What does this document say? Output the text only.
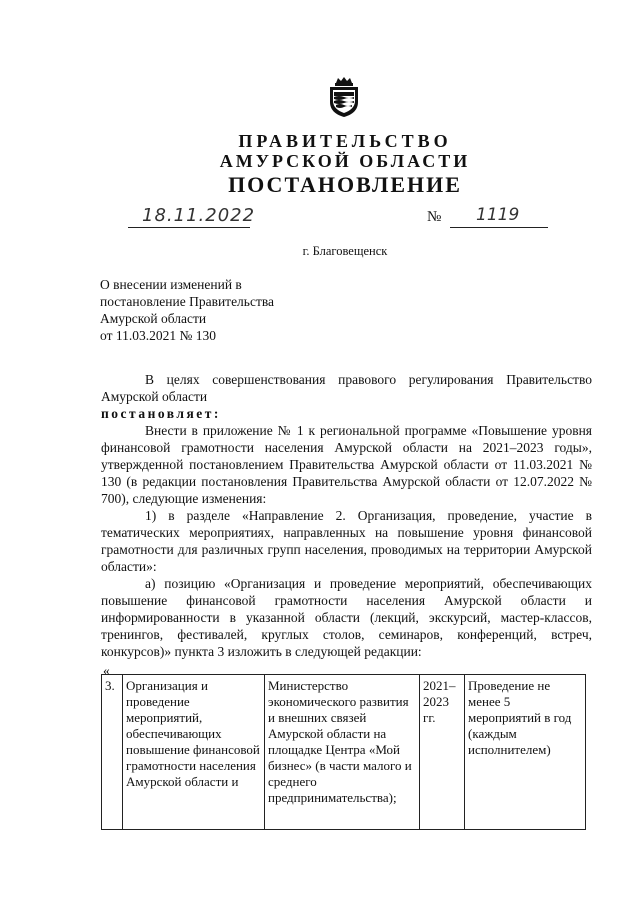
ПРАВИТЕЛЬСТВО
АМУРСКОЙ ОБЛАСТИ
ПОСТАНОВЛЕНИЕ
18.11.2022	№ 1119
г. Благовещенск
О внесении изменений в
постановление Правительства
Амурской области
от 11.03.2021 № 130

В целях совершенствования правового регулирования Правительство Амурской области

постановляет:

Внести в приложение № 1 к региональной программе «Повышение уровня финансовой грамотности населения Амурской области на 2021–2023 годы», утвержденной постановлением Правительства Амурской области от 11.03.2021 № 130 (в редакции постановления Правительства Амурской области от 12.07.2022 № 700), следующие изменения:

1) в разделе «Направление 2. Организация, проведение, участие в тематических мероприятиях, направленных на повышение уровня финансовой грамотности для различных групп населения, проводимых на территории Амурской области»:

а) позицию «Организация и проведение мероприятий, обеспечивающих повышение финансовой грамотности населения Амурской области и информированности в указанной области (лекций, экскурсий, мастер-классов, тренингов, фестивалей, круглых столов, семинаров, конференций, встреч, конкурсов)» пункта 3 изложить в следующей редакции:

«
3.	Организация и проведение мероприятий, обеспечивающих повышение финансовой грамотности населения Амурской области и	Министерство экономического развития и внешних связей Амурской области на площадке Центра «Мой бизнес» (в части малого и среднего предпринимательства);	2021–2023 гг.	Проведение не менее 5 мероприятий в год (каждым исполнителем)
